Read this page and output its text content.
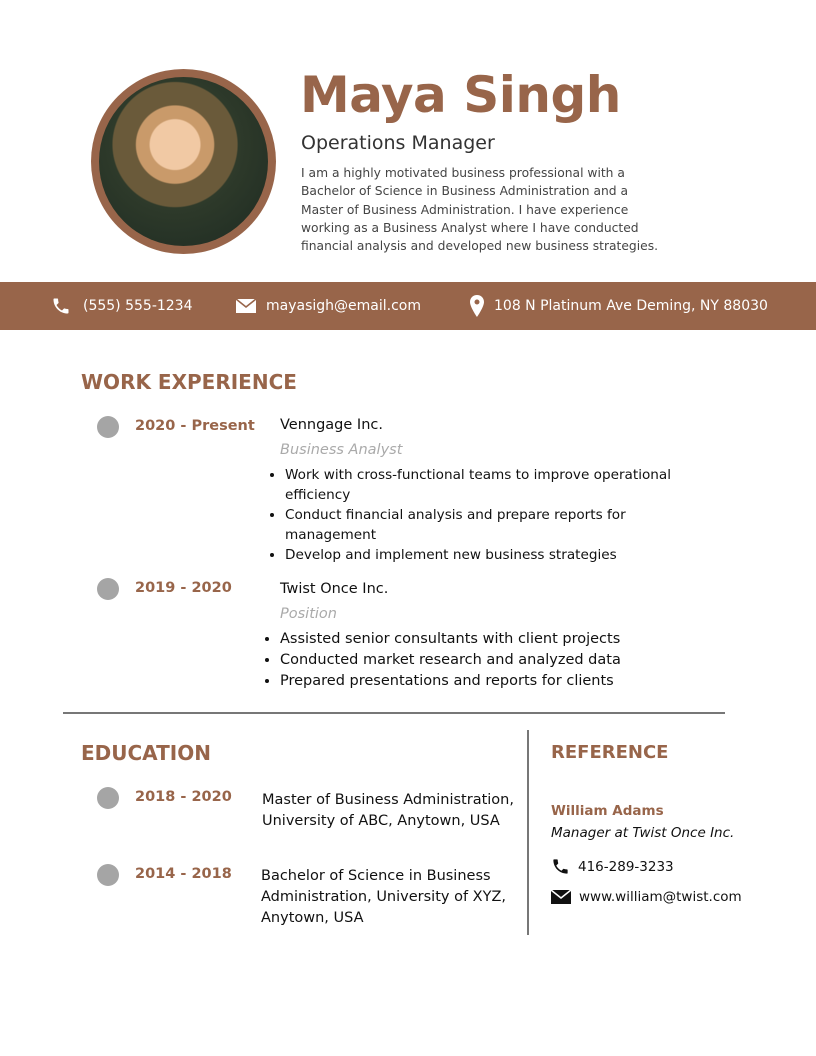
Maya Singh
Operations Manager
I am a highly motivated business professional with a Bachelor of Science in Business Administration and a Master of Business Administration. I have experience working as a Business Analyst where I have conducted financial analysis and developed new business strategies.
(555) 555-1234	mayasigh@email.com	108 N Platinum Ave Deming, NY 88030
WORK EXPERIENCE
2020 - Present Venngage Inc.
Business Analyst
• Work with cross-functional teams to improve operational efficiency
• Conduct financial analysis and prepare reports for management
• Develop and implement new business strategies
2019 - 2020	Twist Once Inc.
Position
• Assisted senior consultants with client projects
• Conducted market research and analyzed data
• Prepared presentations and reports for clients
EDUCATION
2018 - 2020 Master of Business Administration, University of ABC, Anytown, USA
2014 - 2018 Bachelor of Science in Business Administration, University of XYZ, Anytown, USA
REFERENCE
William Adams
Manager at Twist Once Inc.
416-289-3233
www.william@twist.com
